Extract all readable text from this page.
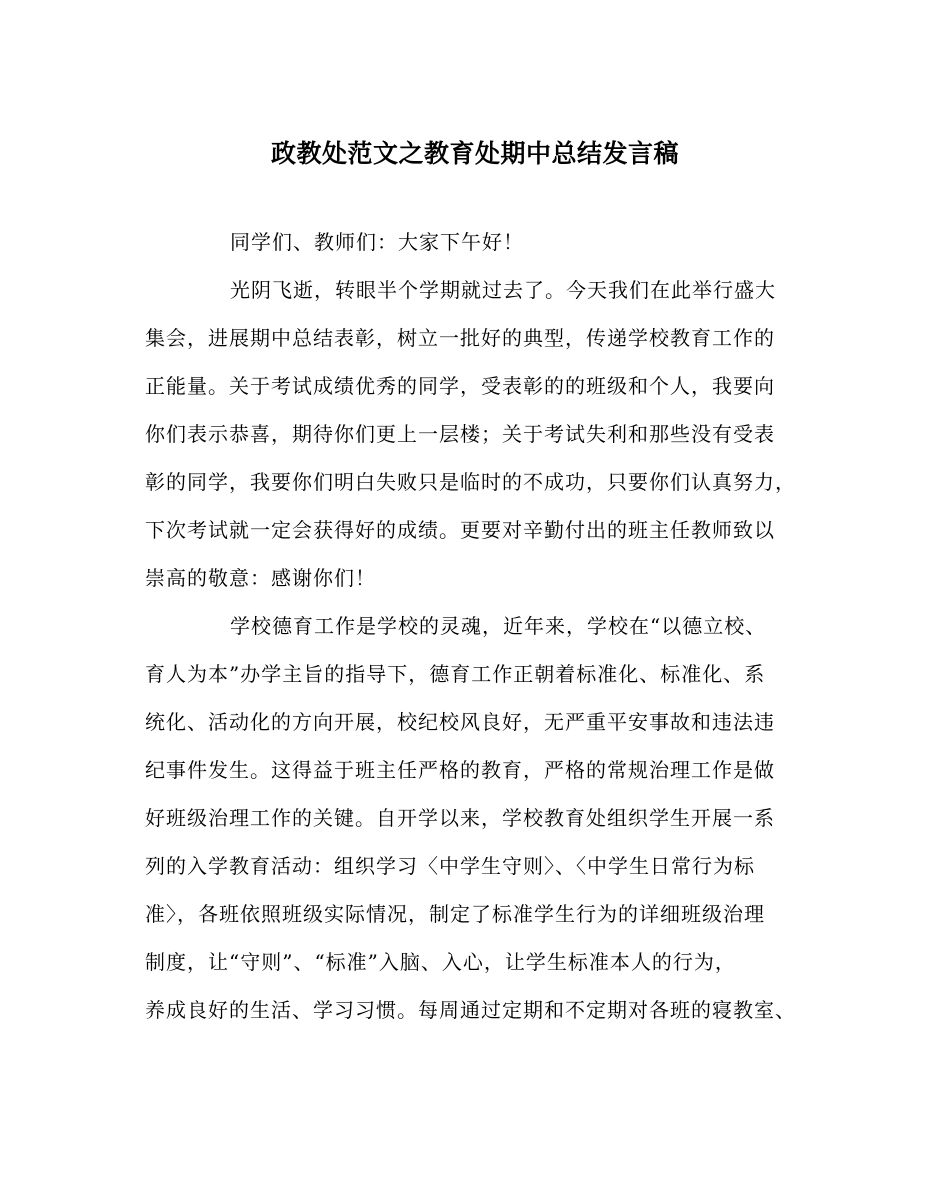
政教处范文之教育处期中总结发言稿
同学们、教师们：大家下午好！
光阴飞逝，转眼半个学期就过去了。今天我们在此举行盛大
集会，进展期中总结表彰，树立一批好的典型，传递学校教育工作的
正能量。关于考试成绩优秀的同学，受表彰的的班级和个人，我要向
你们表示恭喜，期待你们更上一层楼；关于考试失利和那些没有受表
彰的同学，我要你们明白失败只是临时的不成功，只要你们认真努力，
下次考试就一定会获得好的成绩。更要对辛勤付出的班主任教师致以
崇高的敬意：感谢你们！
学校德育工作是学校的灵魂，近年来，学校在“以德立校、
育人为本”办学主旨的指导下，德育工作正朝着标准化、标准化、系
统化、活动化的方向开展，校纪校风良好，无严重平安事故和违法违
纪事件发生。这得益于班主任严格的教育，严格的常规治理工作是做
好班级治理工作的关键。自开学以来，学校教育处组织学生开展一系
列的入学教育活动：组织学习〈中学生守则〉、〈中学生日常行为标
准〉，各班依照班级实际情况，制定了标准学生行为的详细班级治理
制度，让“守则”、“标准”入脑、入心，让学生标准本人的行为，
养成良好的生活、学习习惯。每周通过定期和不定期对各班的寝教室、
